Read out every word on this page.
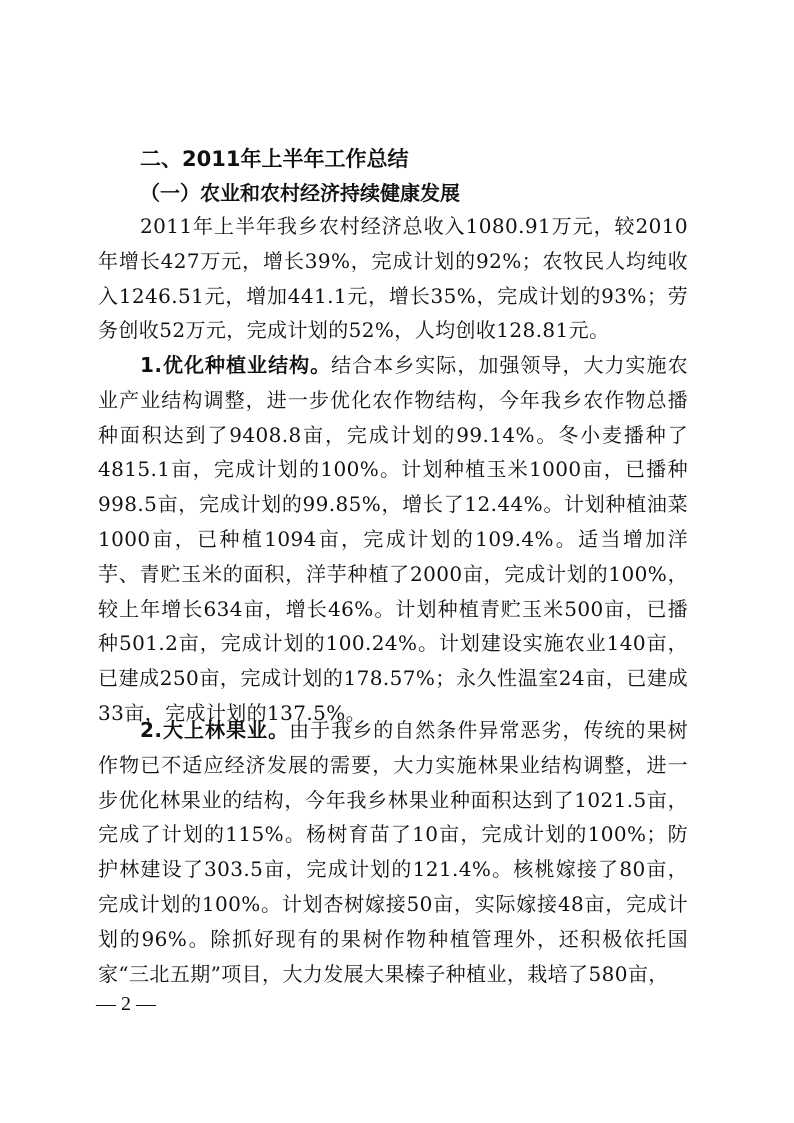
二、2011年上半年工作总结
（一）农业和农村经济持续健康发展

2011年上半年我乡农村经济总收入1080.91万元，较2010年增长427万元，增长39%，完成计划的92%；农牧民人均纯收入1246.51元，增加441.1元，增长35%，完成计划的93%；劳务创收52万元，完成计划的52%，人均创收128.81元。

1.优化种植业结构。结合本乡实际，加强领导，大力实施农业产业结构调整，进一步优化农作物结构，今年我乡农作物总播种面积达到了9408.8亩，完成计划的99.14%。冬小麦播种了4815.1亩，完成计划的100%。计划种植玉米1000亩，已播种998.5亩，完成计划的99.85%，增长了12.44%。计划种植油菜1000亩，已种植1094亩，完成计划的109.4%。适当增加洋芋、青贮玉米的面积，洋芋种植了2000亩，完成计划的100%，较上年增长634亩，增长46%。计划种植青贮玉米500亩，已播种501.2亩，完成计划的100.24%。计划建设实施农业140亩，已建成250亩，完成计划的178.57%；永久性温室24亩，已建成33亩，完成计划的137.5%。

2.大上林果业。由于我乡的自然条件异常恶劣，传统的果树作物已不适应经济发展的需要，大力实施林果业结构调整，进一步优化林果业的结构，今年我乡林果业种面积达到了1021.5亩，完成了计划的115%。杨树育苗了10亩，完成计划的100%；防护林建设了303.5亩，完成计划的121.4%。核桃嫁接了80亩，完成计划的100%。计划杏树嫁接50亩，实际嫁接48亩，完成计划的96%。除抓好现有的果树作物种植管理外，还积极依托国家“三北五期”项目，大力发展大果榛子种植业，栽培了580亩，

— 2 —
